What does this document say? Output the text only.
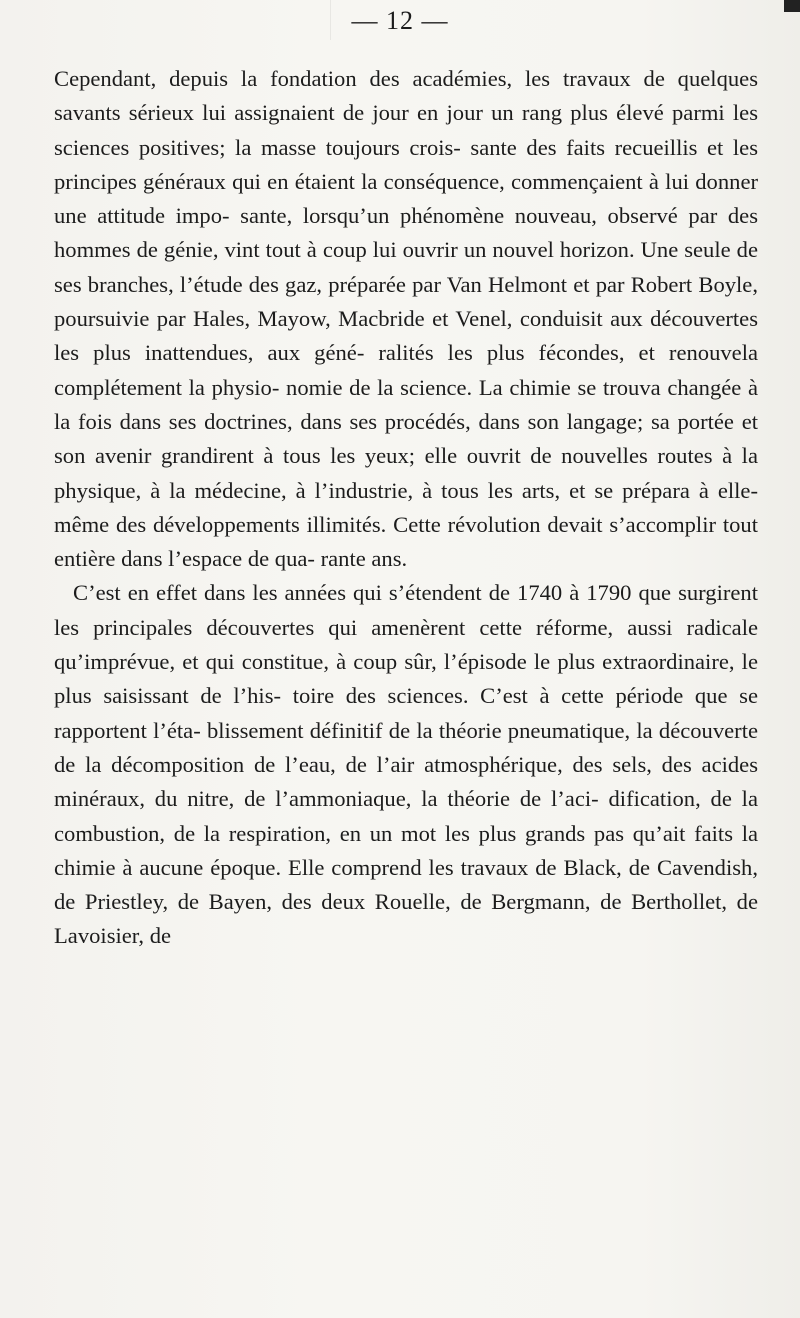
— 12 —

Cependant, depuis la fondation des académies, les travaux de quelques savants sérieux lui assignaient de jour en jour un rang plus élevé parmi les sciences positives; la masse toujours crois- sante des faits recueillis et les principes généraux qui en étaient la conséquence, commençaient à lui donner une attitude impo- sante, lorsqu’un phénomène nouveau, observé par des hommes de génie, vint tout à coup lui ouvrir un nouvel horizon. Une seule de ses branches, l’étude des gaz, préparée par Van Helmont et par Robert Boyle, poursuivie par Hales, Mayow, Macbride et Venel, conduisit aux découvertes les plus inattendues, aux géné- ralités les plus fécondes, et renouvela complétement la physio- nomie de la science. La chimie se trouva changée à la fois dans ses doctrines, dans ses procédés, dans son langage; sa portée et son avenir grandirent à tous les yeux; elle ouvrit de nouvelles routes à la physique, à la médecine, à l’industrie, à tous les arts, et se prépara à elle-même des développements illimités. Cette révolution devait s’accomplir tout entière dans l’espace de qua- rante ans.

C’est en effet dans les années qui s’étendent de 1740 à 1790 que surgirent les principales découvertes qui amenèrent cette réforme, aussi radicale qu’imprévue, et qui constitue, à coup sûr, l’épisode le plus extraordinaire, le plus saisissant de l’his- toire des sciences. C’est à cette période que se rapportent l’éta- blissement définitif de la théorie pneumatique, la découverte de la décomposition de l’eau, de l’air atmosphérique, des sels, des acides minéraux, du nitre, de l’ammoniaque, la théorie de l’aci- dification, de la combustion, de la respiration, en un mot les plus grands pas qu’ait faits la chimie à aucune époque. Elle comprend les travaux de Black, de Cavendish, de Priestley, de Bayen, des deux Rouelle, de Bergmann, de Berthollet, de Lavoisier, de
